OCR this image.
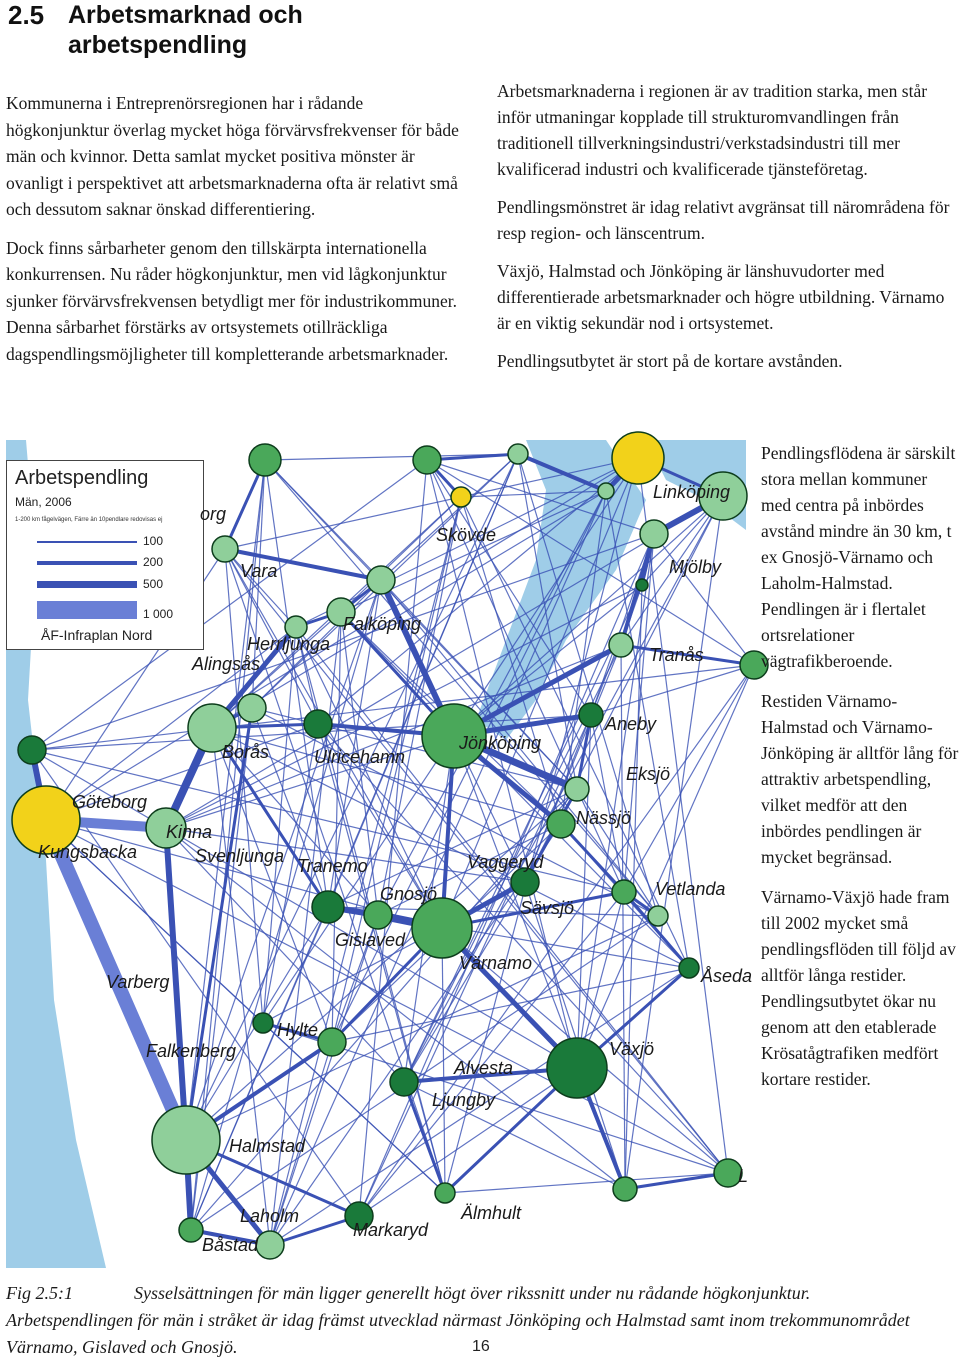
2.5 Arbetsmarknad och arbetspendling

Kommunerna i Entreprenörsregionen har i rådande högkonjunktur överlag mycket höga förvärvsfrekvenser för både män och kvinnor. Detta samlat mycket positiva mönster är ovanligt i perspektivet att arbetsmarknaderna ofta är relativt små och dessutom saknar önskad differentiering.

Dock finns sårbarheter genom den tillskärpta internationella konkurrensen. Nu råder högkonjunktur, men vid lågkonjunktur sjunker förvärvsfrekvensen betydligt mer för industrikommuner. Denna sårbarhet förstärks av ortsystemets otillräckliga dagspendlingsmöjligheter till kompletterande arbetsmarknader.

Arbetsmarknaderna i regionen är av tradition starka, men står inför utmaningar kopplade till strukturomvandlingen från traditionell tillverkningsindustri/verkstadsindustri till mer kvalificerad industri och kvalificerade tjänsteföretag.

Pendlingsmönstret är idag relativt avgränsat till närområdena för resp region- och länscentrum.

Växjö, Halmstad och Jönköping är länshuvudorter med differentierade arbetsmarknader och högre utbildning. Värnamo är en viktig sekundär nod i ortsystemet.

Pendlingsutbytet är stort på de kortare avstånden.

Arbetspendling
Män, 2006
1-200 km fågelvägen, Färre än 10pendlare redovisas ej
100
200
500
1 000
ÅF-Infraplan Nord
org
Skövde
Linköping
Vara	Mjölby
Falköping
Herrljunga
Alingsås	Tranås
Aneby
Borås Ulricehamn
Jönköping
Eksjö
Göteborg
Nässjö
Kinna
Kungsbacka	Svenljunga Tranemo	Vaggeryd
Gnosjö	Vetlanda
Sävsjö
Gislaved
Värnamo
Åseda
Varberg
Hylte
Växjö
Falkenberg
Alvesta
Ljungby
Halmstad
Laholm	Älmhult
Markaryd
Båstad
L

Pendlingsflödena är särskilt stora mellan kommuner med centra på inbördes avstånd mindre än 30 km, t ex Gnosjö-Värnamo och Laholm-Halmstad. Pendlingen är i flertalet ortsrelationer vägtrafikberoende.

Restiden Värnamo-Halmstad och Värnamo-Jönköping är alltför lång för attraktiv arbetspendling, vilket medför att den inbördes pendlingen är mycket begränsad.

Värnamo-Växjö hade fram till 2002 mycket små pendlingsflöden till följd av alltför långa restider. Pendlingsutbytet ökar nu genom att den etablerade Krösatågtrafiken medfört kortare restider.

Fig 2.5:1	Sysselsättningen för män ligger generellt högt över rikssnitt under nu rådande högkonjunktur.
Arbetspendlingen för män i stråket är idag främst utvecklad närmast Jönköping och Halmstad samt inom trekommunområdet Värnamo, Gislaved och Gnosjö.	16
